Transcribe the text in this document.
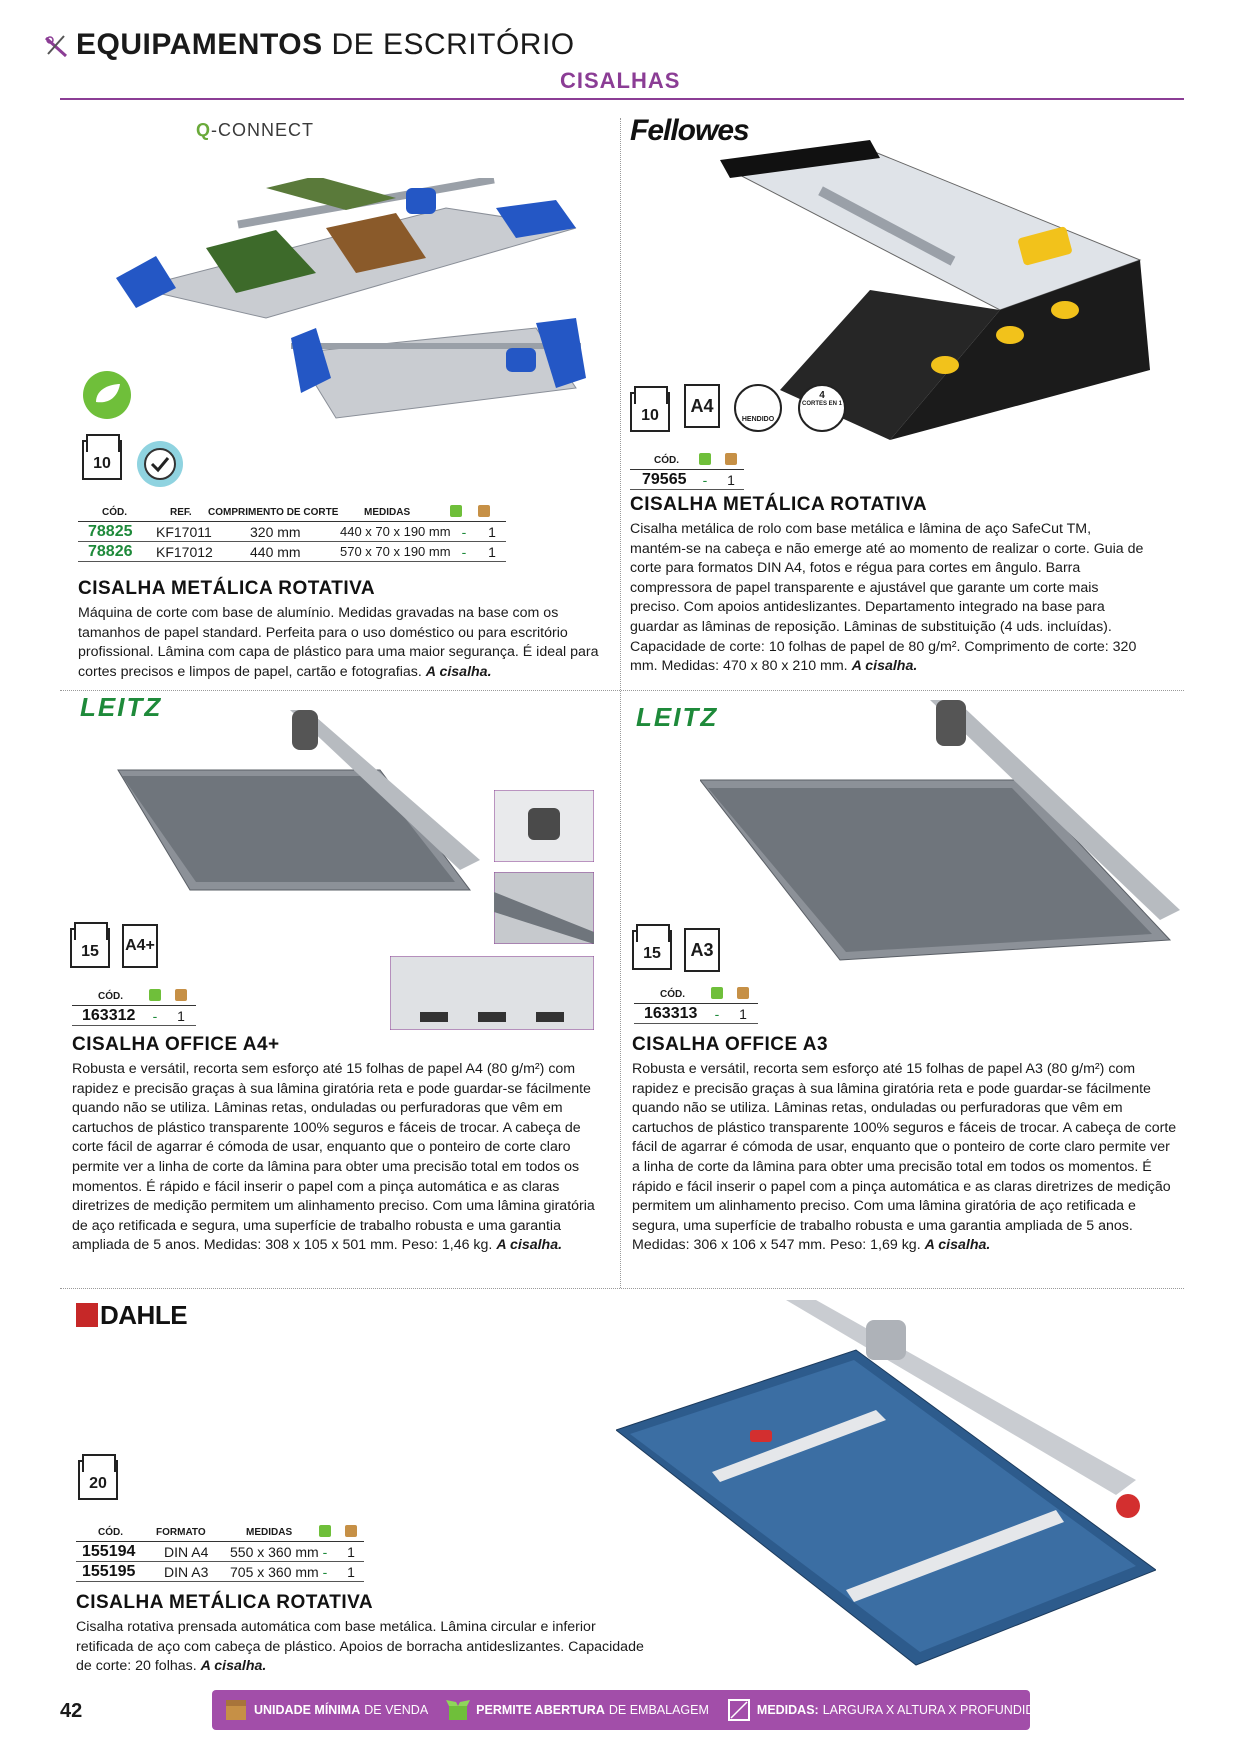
EQUIPAMENTOS DE ESCRITÓRIO
CISALHAS
Q-CONNECT
10
CÓD.	REF.	COMPRIMENTO DE CORTE	MEDIDAS
78825	KF17011	320 mm	440 x 70 x 190 mm -	1
78826	KF17012	440 mm	570 x 70 x 190 mm -	1
CISALHA METÁLICA ROTATIVA
Máquina de corte com base de alumínio. Medidas gravadas na base com os tamanhos de papel standard. Perfeita para o uso doméstico ou para escritório profissional. Lâmina com capa de plástico para uma maior segurança. É ideal para cortes precisos e limpos de papel, cartão e fotografias. A cisalha.
Fellowes
10	A4
HENDIDO
4
CORTES EN 1
CÓD.
79565	-	1
CISALHA METÁLICA ROTATIVA
Cisalha metálica de rolo com base metálica e lâmina de aço SafeCut TM, mantém-se na cabeça e não emerge até ao momento de realizar o corte. Guia de corte para formatos DIN A4, fotos e régua para cortes em ângulo. Barra compressora de papel transparente e ajustável que garante um corte mais preciso. Com apoios antideslizantes. Departamento integrado na base para guardar as lâminas de reposição. Lâminas de substituição (4 uds. incluídas). Capacidade de corte: 10 folhas de papel de 80 g/m². Comprimento de corte: 320 mm. Medidas: 470 x 80 x 210 mm. A cisalha.
LEITZ
15	A4+
CÓD.
163312	-	1
CISALHA OFFICE A4+
Robusta e versátil, recorta sem esforço até 15 folhas de papel A4 (80 g/m²) com rapidez e precisão graças à sua lâmina giratória reta e pode guardar-se fácilmente quando não se utiliza. Lâminas retas, onduladas ou perfuradoras que vêm em cartuchos de plástico transparente 100% seguros e fáceis de trocar. A cabeça de corte fácil de agarrar é cómoda de usar, enquanto que o ponteiro de corte claro permite ver a linha de corte da lâmina para obter uma precisão total em todos os momentos. É rápido e fácil inserir o papel com a pinça automática e as claras diretrizes de medição permitem um alinhamento preciso. Com uma lâmina giratória de aço retificada e segura, uma superfície de trabalho robusta e uma garantia ampliada de 5 anos. Medidas: 308 x 105 x 501 mm. Peso: 1,46 kg. A cisalha.
LEITZ
15	A3
CÓD.
163313	-	1
CISALHA OFFICE A3
Robusta e versátil, recorta sem esforço até 15 folhas de papel A3 (80 g/m²) com rapidez e precisão graças à sua lâmina giratória reta e pode guardar-se fácilmente quando não se utiliza. Lâminas retas, onduladas ou perfuradoras que vêm em cartuchos de plástico transparente 100% seguros e fáceis de trocar. A cabeça de corte fácil de agarrar é cómoda de usar, enquanto que o ponteiro de corte claro permite ver a linha de corte da lâmina para obter uma precisão total em todos os momentos. É rápido e fácil inserir o papel com a pinça automática e as claras diretrizes de medição permitem um alinhamento preciso. Com uma lâmina giratória de aço retificada e segura, uma superfície de trabalho robusta e uma garantia ampliada de 5 anos. Medidas: 306 x 106 x 547 mm. Peso: 1,69 kg. A cisalha.
DAHLE
20
CÓD.	FORMATO	MEDIDAS
155194	DIN A4	550 x 360 mm -	1
155195	DIN A3	705 x 360 mm -	1
CISALHA METÁLICA ROTATIVA
Cisalha rotativa prensada automática com base metálica. Lâmina circular e inferior retificada de aço com cabeça de plástico. Apoios de borracha antideslizantes. Capacidade de corte: 20 folhas. A cisalha.
42	UNIDADE MÍNIMA DE VENDA	PERMITE ABERTURA DE EMBALAGEM	MEDIDAS: LARGURA X ALTURA X PROFUNDIDADE
